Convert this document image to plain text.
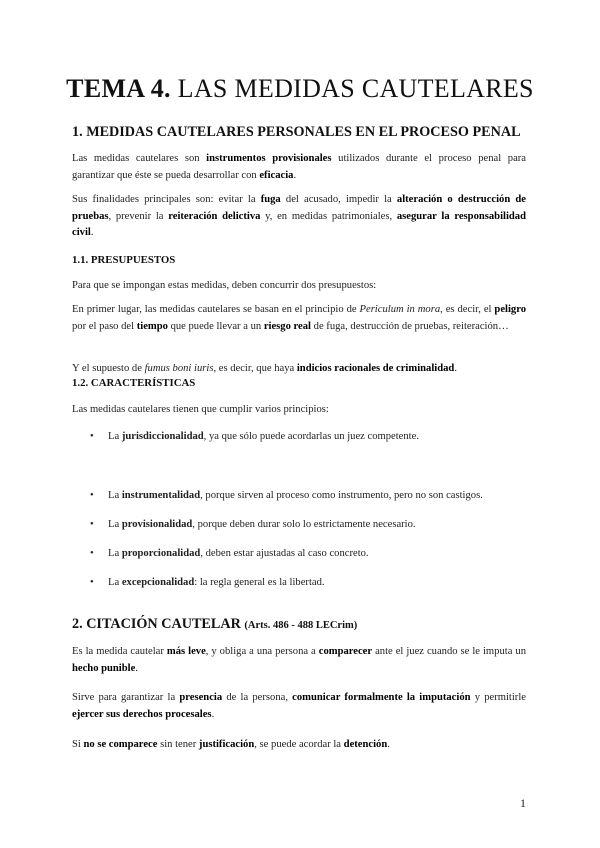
TEMA 4. LAS MEDIDAS CAUTELARES
1. MEDIDAS CAUTELARES PERSONALES EN EL PROCESO PENAL
Las medidas cautelares son instrumentos provisionales utilizados durante el proceso penal para garantizar que éste se pueda desarrollar con eficacia.
Sus finalidades principales son: evitar la fuga del acusado, impedir la alteración o destrucción de pruebas, prevenir la reiteración delictiva y, en medidas patrimoniales, asegurar la responsabilidad civil.
1.1. PRESUPUESTOS
Para que se impongan estas medidas, deben concurrir dos presupuestos:
En primer lugar, las medidas cautelares se basan en el principio de Periculum in mora, es decir, el peligro por el paso del tiempo que puede llevar a un riesgo real de fuga, destrucción de pruebas, reiteración…
Y el supuesto de fumus boni iuris, es decir, que haya indicios racionales de criminalidad.
1.2. CARACTERÍSTICAS
Las medidas cautelares tienen que cumplir varios principios:
• La jurisdiccionalidad, ya que sólo puede acordarlas un juez competente.
• La instrumentalidad, porque sirven al proceso como instrumento, pero no son castigos.
• La provisionalidad, porque deben durar solo lo estrictamente necesario.
• La proporcionalidad, deben estar ajustadas al caso concreto.
• La excepcionalidad: la regla general es la libertad.
2. CITACIÓN CAUTELAR (Arts. 486 - 488 LECrim)
Es la medida cautelar más leve, y obliga a una persona a comparecer ante el juez cuando se le imputa un hecho punible.
Sirve para garantizar la presencia de la persona, comunicar formalmente la imputación y permitirle ejercer sus derechos procesales.
Si no se comparece sin tener justificación, se puede acordar la detención.
1
